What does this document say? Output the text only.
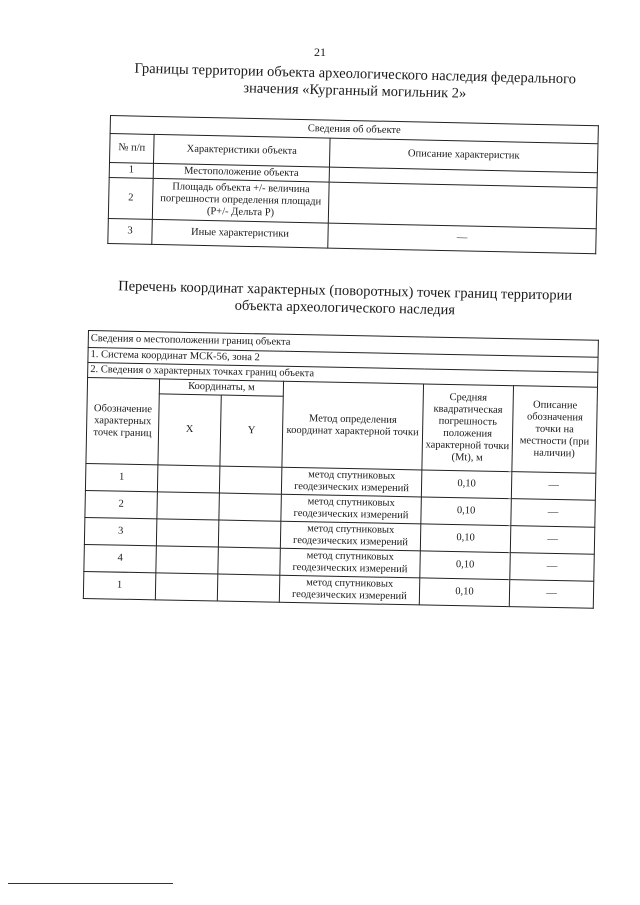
21
Границы территории объекта археологического наследия федерального значения «Курганный могильник 2»
Сведения об объекте		
№ п/п	Характеристики объекта	Описание характеристик
1	Местоположение объекта	
2	Площадь объекта +/- величина погрешности определения площади (P+/- Дельта P)	
3	Иные характеристики	—
Перечень координат характерных (поворотных) точек границ территории объекта археологического наследия
Сведения о местоположении границ объекта					
1. Система координат МСК-56, зона 2					
2. Сведения о характерных точках границ объекта					
Обозначение характерных точек границ	Координаты, м		Метод определения координат характерной точки	Средняя квадратическая погрешность положения характерной точки (Mt), м	Описание обозначения точки на местности (при наличии)
	X	Y			
1			метод спутниковых геодезических измерений	0,10	—
2			метод спутниковых геодезических измерений	0,10	—
3			метод спутниковых геодезических измерений	0,10	—
4			метод спутниковых геодезических измерений	0,10	—
1			метод спутниковых геодезических измерений	0,10	—
